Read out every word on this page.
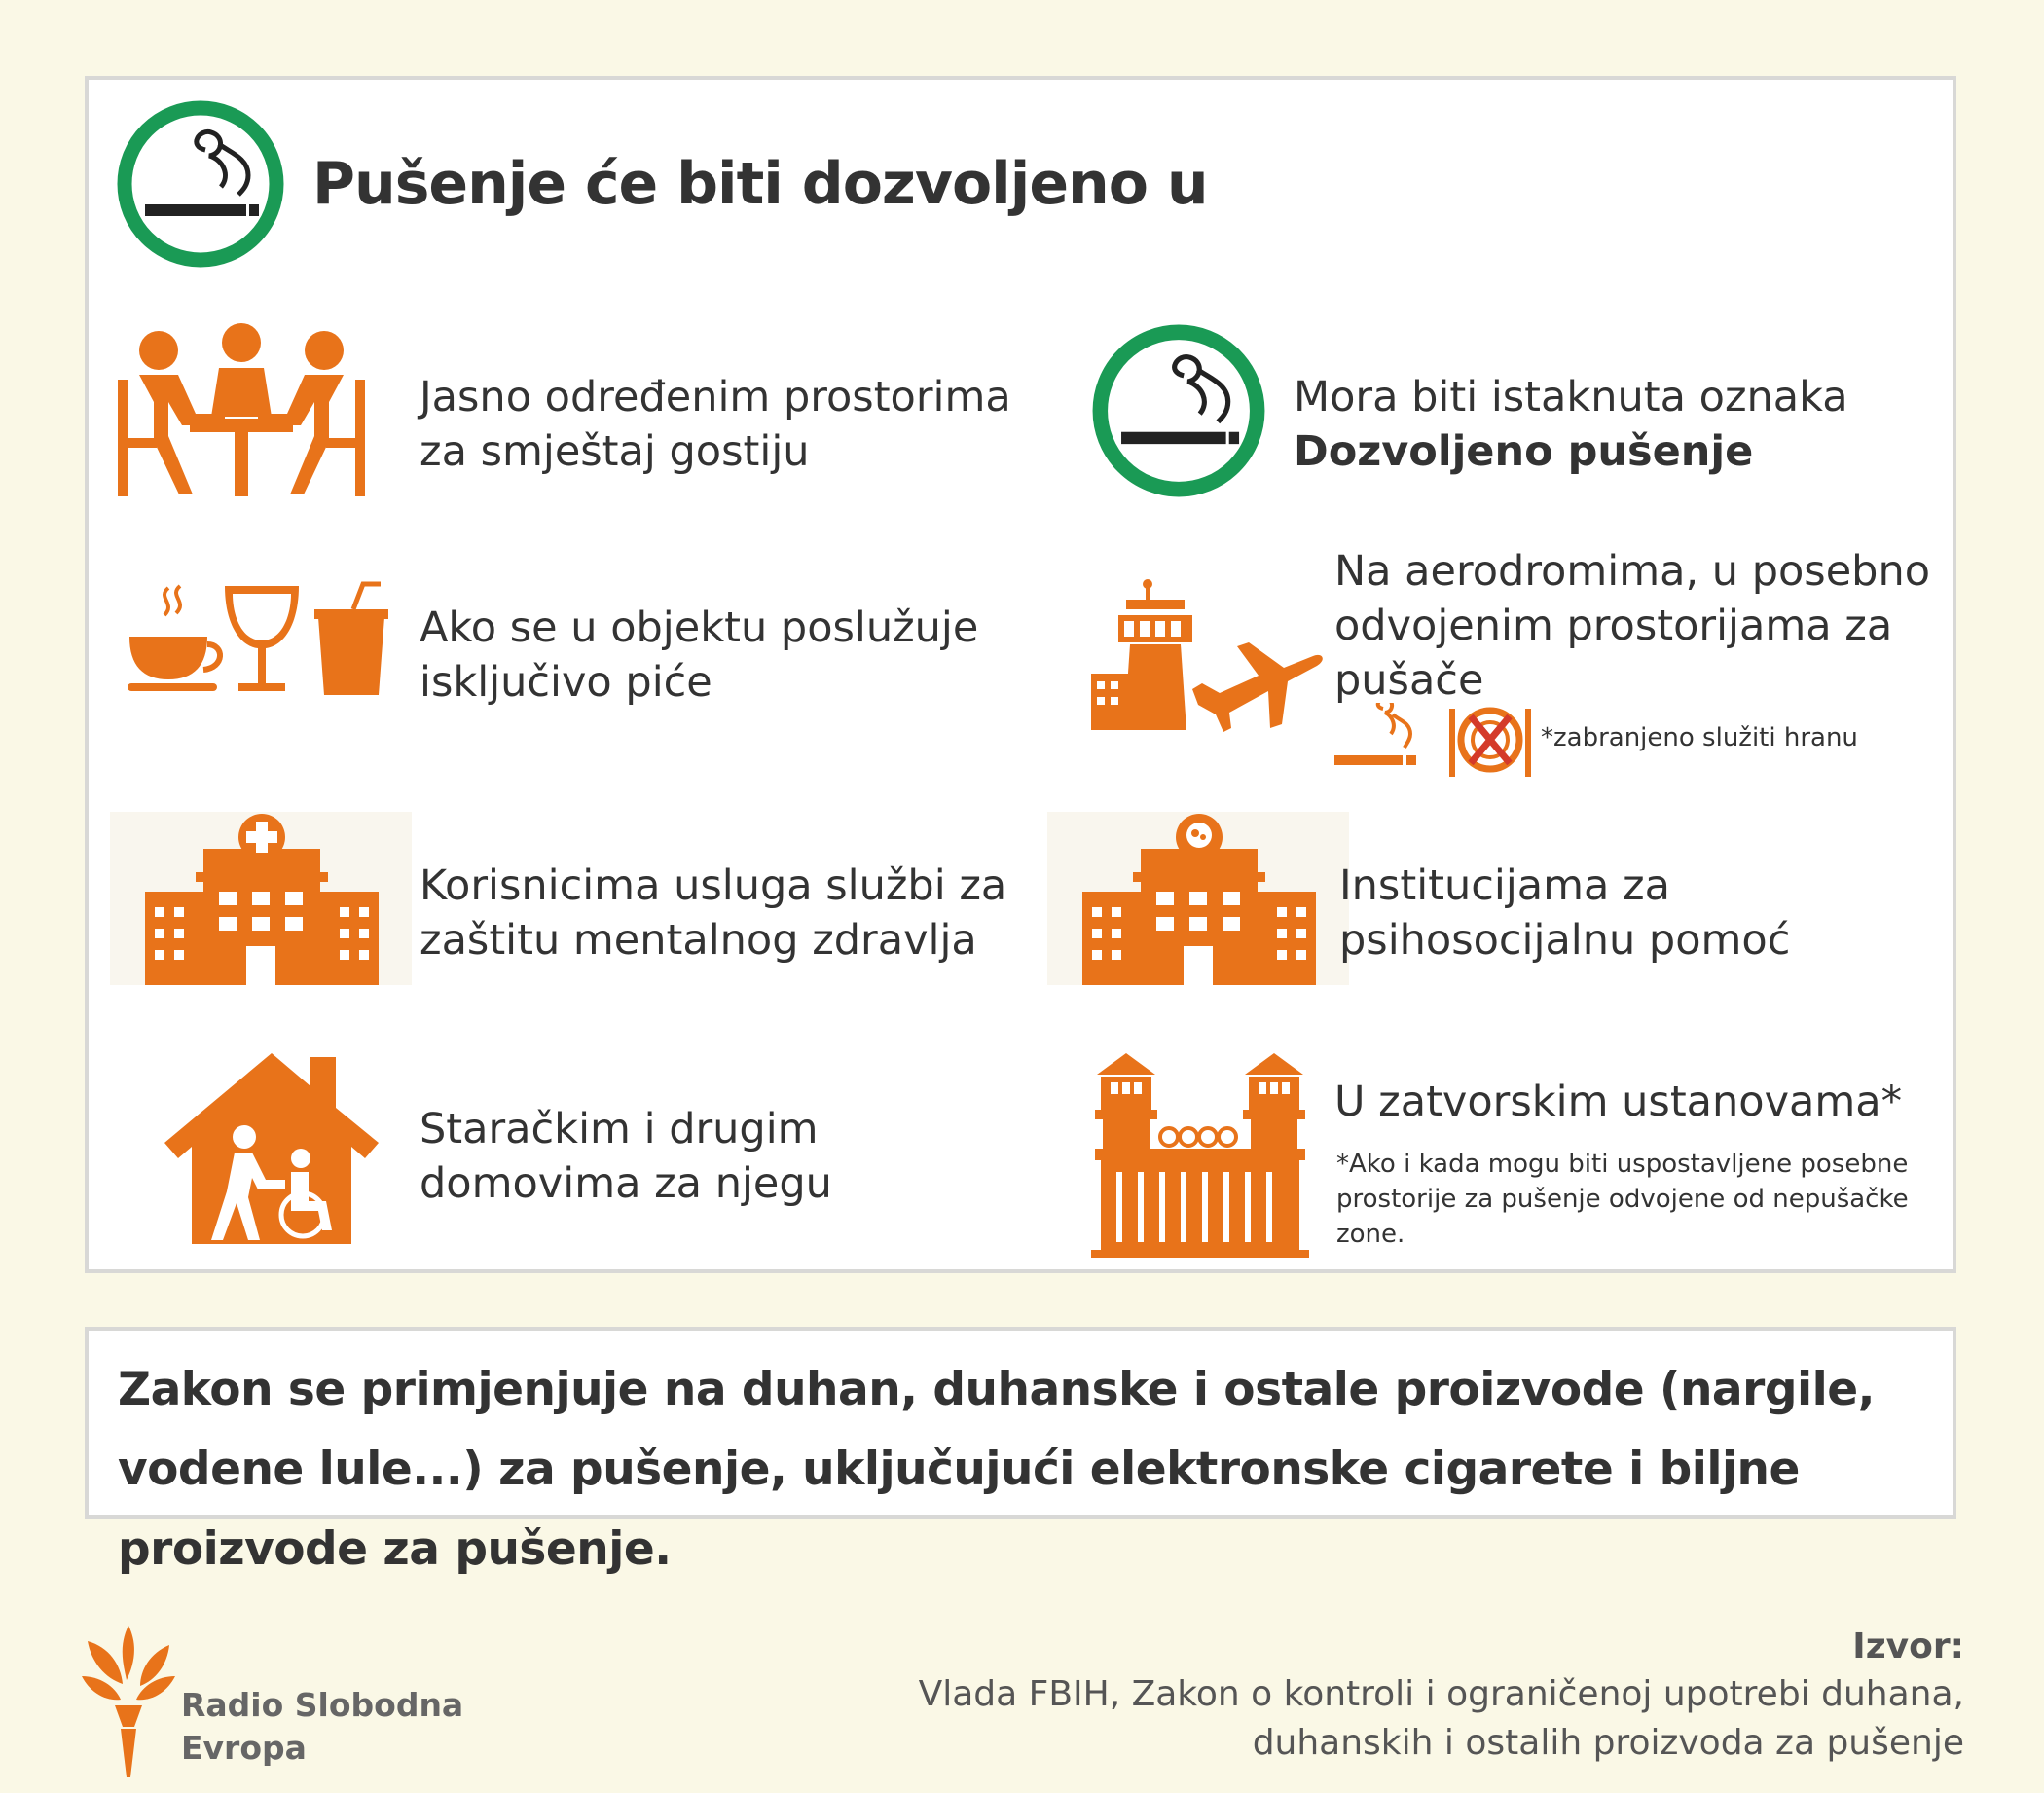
Pušenje će biti dozvoljeno u
Jasno određenim prostorima
za smještaj gostiju
Mora biti istaknuta oznaka
Dozvoljeno pušenje
Ako se u objektu poslužuje
isključivo piće
Na aerodromima, u posebno
odvojenim prostorijama za
pušače
*zabranjeno služiti hranu
Korisnicima usluga službi za
zaštitu mentalnog zdravlja
Institucijama za
psihosocijalnu pomoć
Staračkim i drugim
domovima za njegu
U zatvorskim ustanovama*
*Ako i kada mogu biti uspostavljene posebne
prostorije za pušenje odvojene od nepušačke
zone.
Zakon se primjenjuje na duhan, duhanske i ostale proizvode (nargile, vodene lule...) za pušenje, uključujući elektronske cigarete i biljne proizvode za pušenje.
Radio Slobodna
Evropa
Izvor:
Vlada FBIH, Zakon o kontroli i ograničenoj upotrebi duhana,
duhanskih i ostalih proizvoda za pušenje
